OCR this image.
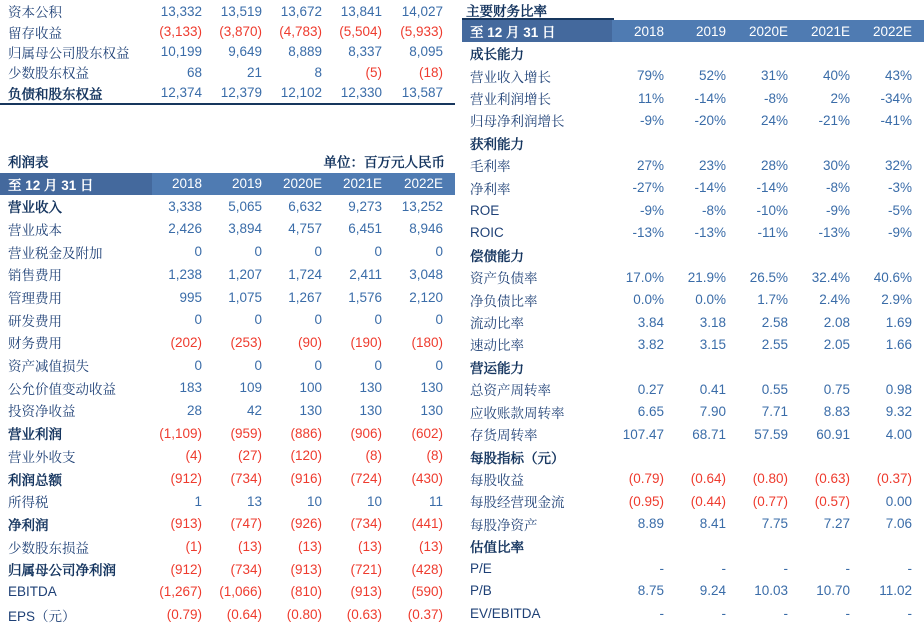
资本公积	13,332	13,519	13,672	13,841	14,027
留存收益	(3,133)	(3,870)	(4,783)	(5,504)	(5,933)
归属母公司股东权益	10,199	9,649	8,889	8,337	8,095
少数股东权益	68	21	8	(5)	(18)
负债和股东权益	12,374	12,379	12,102	12,330	13,587
利润表	单位：百万元人民币
至 12 月 31 日	2018	2019	2020E	2021E	2022E
营业收入	3,338	5,065	6,632	9,273	13,252
营业成本	2,426	3,894	4,757	6,451	8,946
营业税金及附加	0	0	0	0	0
销售费用	1,238	1,207	1,724	2,411	3,048
管理费用	995	1,075	1,267	1,576	2,120
研发费用	0	0	0	0	0
财务费用	(202)	(253)	(90)	(190)	(180)
资产减值损失	0	0	0	0	0
公允价值变动收益	183	109	100	130	130
投资净收益	28	42	130	130	130
营业利润	(1,109)	(959)	(886)	(906)	(602)
营业外收支	(4)	(27)	(120)	(8)	(8)
利润总额	(912)	(734)	(916)	(724)	(430)
所得税	1	13	10	10	11
净利润	(913)	(747)	(926)	(734)	(441)
少数股东损益	(1)	(13)	(13)	(13)	(13)
归属母公司净利润	(912)	(734)	(913)	(721)	(428)
EBITDA	(1,267)	(1,066)	(810)	(913)	(590)
EPS（元）	(0.79)	(0.64)	(0.80)	(0.63)	(0.37)
主要财务比率
至 12 月 31 日	2018	2019	2020E	2021E	2022E
成长能力					
营业收入增长	79%	52%	31%	40%	43%
营业利润增长	11%	-14%	-8%	2%	-34%
归母净利润增长	-9%	-20%	24%	-21%	-41%
获利能力					
毛利率	27%	23%	28%	30%	32%
净利率	-27%	-14%	-14%	-8%	-3%
ROE	-9%	-8%	-10%	-9%	-5%
ROIC	-13%	-13%	-11%	-13%	-9%
偿债能力					
资产负债率	17.0%	21.9%	26.5%	32.4%	40.6%
净负债比率	0.0%	0.0%	1.7%	2.4%	2.9%
流动比率	3.84	3.18	2.58	2.08	1.69
速动比率	3.82	3.15	2.55	2.05	1.66
营运能力					
总资产周转率	0.27	0.41	0.55	0.75	0.98
应收账款周转率	6.65	7.90	7.71	8.83	9.32
存货周转率	107.47	68.71	57.59	60.91	4.00
每股指标（元）					
每股收益	(0.79)	(0.64)	(0.80)	(0.63)	(0.37)
每股经营现金流	(0.95)	(0.44)	(0.77)	(0.57)	0.00
每股净资产	8.89	8.41	7.75	7.27	7.06
估值比率					
P/E	-	-	-	-	-
P/B	8.75	9.24	10.03	10.70	11.02
EV/EBITDA	-	-	-	-	-
